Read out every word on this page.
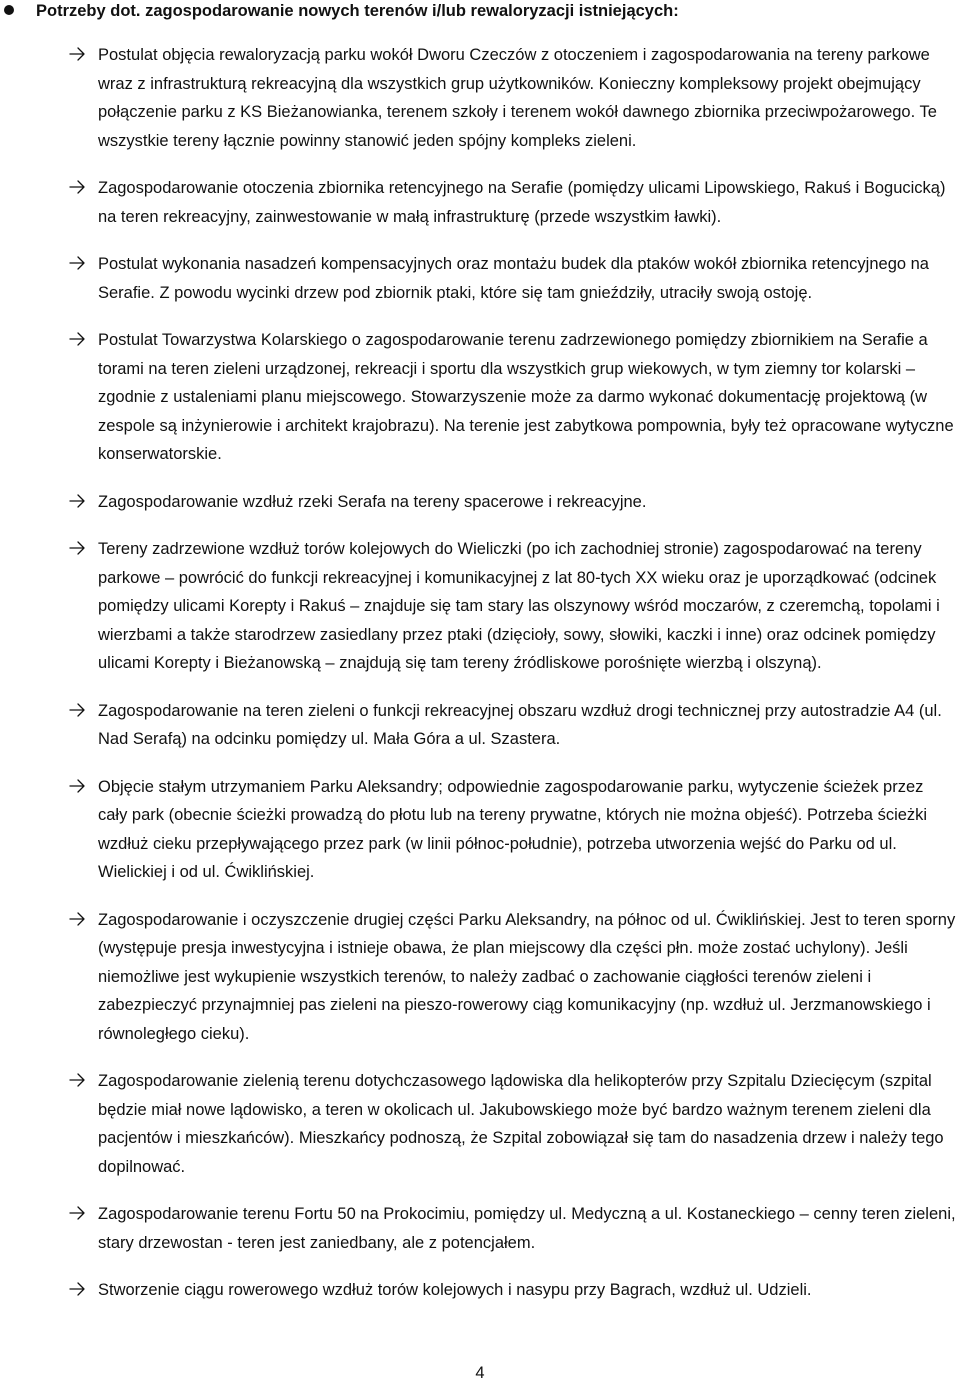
Potrzeby dot. zagospodarowanie nowych terenów i/lub rewaloryzacji istniejących:
Postulat objęcia rewaloryzacją parku wokół Dworu Czeczów z otoczeniem i zagospodarowania na tereny parkowe wraz z infrastrukturą rekreacyjną dla wszystkich grup użytkowników. Konieczny kompleksowy projekt obejmujący połączenie parku z KS Bieżanowianka, terenem szkoły i terenem wokół dawnego zbiornika przeciwpożarowego. Te wszystkie tereny łącznie powinny stanowić jeden spójny kompleks zieleni.
Zagospodarowanie otoczenia zbiornika retencyjnego na Serafie (pomiędzy ulicami Lipowskiego, Rakuś i Bogucicką) na teren rekreacyjny, zainwestowanie w małą infrastrukturę (przede wszystkim ławki).
Postulat wykonania nasadzeń kompensacyjnych oraz montażu budek dla ptaków wokół zbiornika retencyjnego na Serafie. Z powodu wycinki drzew pod zbiornik ptaki, które się tam gnieździły, utraciły swoją ostoję.
Postulat Towarzystwa Kolarskiego o zagospodarowanie terenu zadrzewionego pomiędzy zbiornikiem na Serafie a torami na teren zieleni urządzonej, rekreacji i sportu dla wszystkich grup wiekowych, w tym ziemny tor kolarski – zgodnie z ustaleniami planu miejscowego. Stowarzyszenie może za darmo wykonać dokumentację projektową (w zespole są inżynierowie i architekt krajobrazu). Na terenie jest zabytkowa pompownia, były też opracowane wytyczne konserwatorskie.
Zagospodarowanie wzdłuż rzeki Serafa na tereny spacerowe i rekreacyjne.
Tereny zadrzewione wzdłuż torów kolejowych do Wieliczki (po ich zachodniej stronie) zagospodarować na tereny parkowe – powrócić do funkcji rekreacyjnej i komunikacyjnej z lat 80-tych XX wieku oraz je uporządkować (odcinek pomiędzy ulicami Korepty i Rakuś – znajduje się tam stary las olszynowy wśród moczarów, z czeremchą, topolami i wierzbami a także starodrzew zasiedlany przez ptaki (dzięcioły, sowy, słowiki, kaczki i inne) oraz odcinek pomiędzy ulicami Korepty i Bieżanowską – znajdują się tam tereny źródliskowe porośnięte wierzbą i olszyną).
Zagospodarowanie na teren zieleni o funkcji rekreacyjnej obszaru wzdłuż drogi technicznej przy autostradzie A4 (ul. Nad Serafą) na odcinku pomiędzy ul. Mała Góra a ul. Szastera.
Objęcie stałym utrzymaniem Parku Aleksandry; odpowiednie zagospodarowanie parku, wytyczenie ścieżek przez cały park (obecnie ścieżki prowadzą do płotu lub na tereny prywatne, których nie można objeść). Potrzeba ścieżki wzdłuż cieku przepływającego przez park (w linii północ-południe), potrzeba utworzenia wejść do Parku od ul. Wielickiej i od ul. Ćwiklińskiej.
Zagospodarowanie i oczyszczenie drugiej części Parku Aleksandry, na północ od ul. Ćwiklińskiej. Jest to teren sporny (występuje presja inwestycyjna i istnieje obawa, że plan miejscowy dla części płn. może zostać uchylony). Jeśli niemożliwe jest wykupienie wszystkich terenów, to należy zadbać o zachowanie ciągłości terenów zieleni i zabezpieczyć przynajmniej pas zieleni na pieszo-rowerowy ciąg komunikacyjny (np. wzdłuż ul. Jerzmanowskiego i równoległego cieku).
Zagospodarowanie zielenią terenu dotychczasowego lądowiska dla helikopterów przy Szpitalu Dziecięcym (szpital będzie miał nowe lądowisko, a teren w okolicach ul. Jakubowskiego może być bardzo ważnym terenem zieleni dla pacjentów i mieszkańców). Mieszkańcy podnoszą, że Szpital zobowiązał się tam do nasadzenia drzew i należy tego dopilnować.
Zagospodarowanie terenu Fortu 50 na Prokocimiu, pomiędzy ul. Medyczną a ul. Kostaneckiego – cenny teren zieleni, stary drzewostan - teren jest zaniedbany, ale z potencjałem.
Stworzenie ciągu rowerowego wzdłuż torów kolejowych i nasypu przy Bagrach, wzdłuż ul. Udzieli.
4
